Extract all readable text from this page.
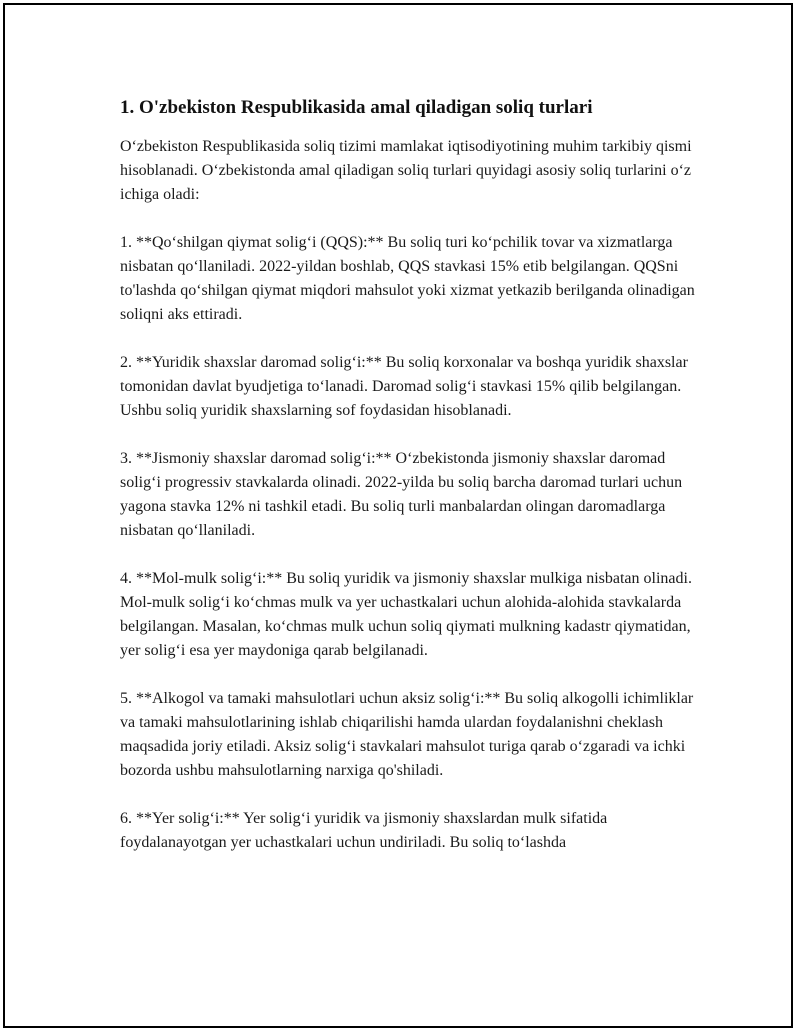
1. O'zbekiston Respublikasida amal qiladigan soliq turlari

O‘zbekiston Respublikasida soliq tizimi mamlakat iqtisodiyotining muhim tarkibiy qismi hisoblanadi. O‘zbekistonda amal qiladigan soliq turlari quyidagi asosiy soliq turlarini o‘z ichiga oladi:

1. **Qo‘shilgan qiymat solig‘i (QQS):** Bu soliq turi ko‘pchilik tovar va xizmatlarga nisbatan qo‘llaniladi. 2022-yildan boshlab, QQS stavkasi 15% etib belgilangan. QQSni to'lashda qo‘shilgan qiymat miqdori mahsulot yoki xizmat yetkazib berilganda olinadigan soliqni aks ettiradi.

2. **Yuridik shaxslar daromad solig‘i:** Bu soliq korxonalar va boshqa yuridik shaxslar tomonidan davlat byudjetiga to‘lanadi. Daromad solig‘i stavkasi 15% qilib belgilangan. Ushbu soliq yuridik shaxslarning sof foydasidan hisoblanadi.

3. **Jismoniy shaxslar daromad solig‘i:** O‘zbekistonda jismoniy shaxslar daromad solig‘i progressiv stavkalarda olinadi. 2022-yilda bu soliq barcha daromad turlari uchun yagona stavka 12% ni tashkil etadi. Bu soliq turli manbalardan olingan daromadlarga nisbatan qo‘llaniladi.

4. **Mol-mulk solig‘i:** Bu soliq yuridik va jismoniy shaxslar mulkiga nisbatan olinadi. Mol-mulk solig‘i ko‘chmas mulk va yer uchastkalari uchun alohida-alohida stavkalarda belgilangan. Masalan, ko‘chmas mulk uchun soliq qiymati mulkning kadastr qiymatidan, yer solig‘i esa yer maydoniga qarab belgilanadi.

5. **Alkogol va tamaki mahsulotlari uchun aksiz solig‘i:** Bu soliq alkogolli ichimliklar va tamaki mahsulotlarining ishlab chiqarilishi hamda ulardan foydalanishni cheklash maqsadida joriy etiladi. Aksiz solig‘i stavkalari mahsulot turiga qarab o‘zgaradi va ichki bozorda ushbu mahsulotlarning narxiga qo'shiladi.

6. **Yer solig‘i:** Yer solig‘i yuridik va jismoniy shaxslardan mulk sifatida foydalanayotgan yer uchastkalari uchun undiriladi. Bu soliq to‘lashda
